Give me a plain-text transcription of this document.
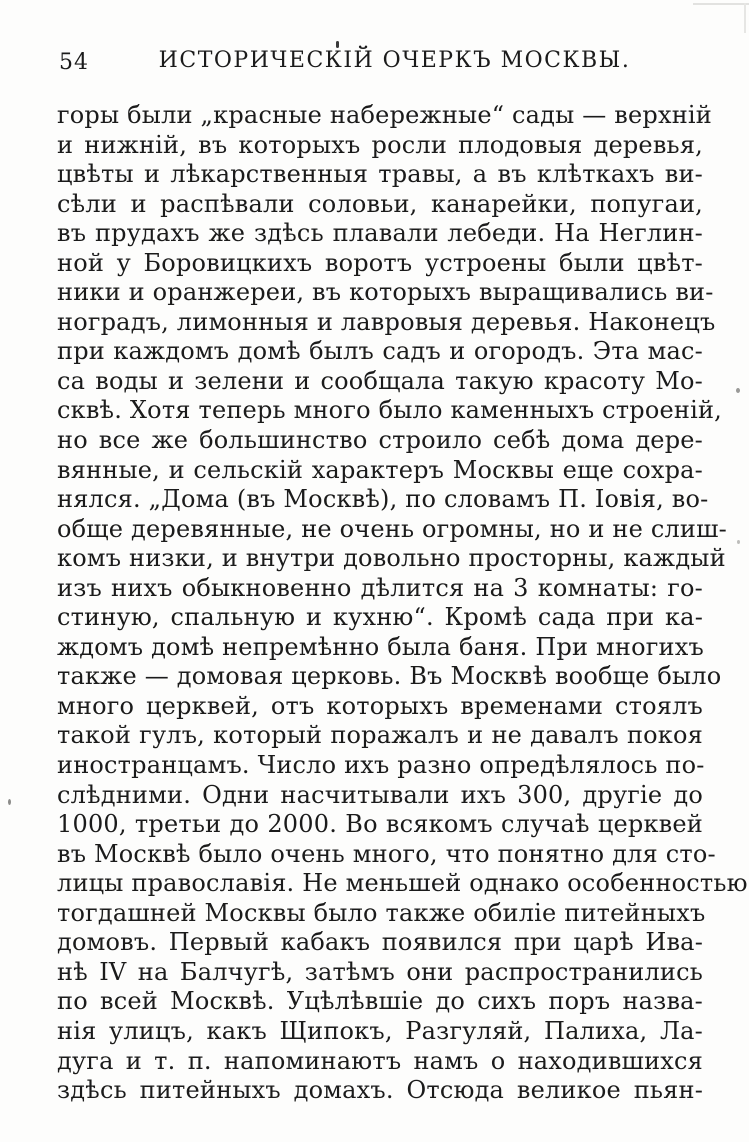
54	ИСТОРИЧЕСКІЙ ОЧЕРКЪ МОСКВЫ.
горы были „красные набережные“ сады — верхній
и нижній, въ которыхъ росли плодовыя деревья,
цвѣты и лѣкарственныя травы, а въ клѣткахъ ви-
сѣли и распѣвали соловьи, канарейки, попугаи,
въ прудахъ же здѣсь плавали лебеди. На Неглин-
ной у Боровицкихъ воротъ устроены были цвѣт-
ники и оранжереи, въ которыхъ выращивались ви-
ноградъ, лимонныя и лавровыя деревья. Наконецъ
при каждомъ домѣ былъ садъ и огородъ. Эта мас-
са воды и зелени и сообщала такую красоту Мо-
сквѣ. Хотя теперь много было каменныхъ строеній,
но все же большинство строило себѣ дома дере-
вянные, и сельскій характеръ Москвы еще сохра-
нялся. „Дома (въ Москвѣ), по словамъ П. Іовія, во-
обще деревянные, не очень огромны, но и не слиш-
комъ низки, и внутри довольно просторны, каждый
изъ нихъ обыкновенно дѣлится на 3 комнаты: го-
стиную, спальную и кухню“. Кромѣ сада при ка-
ждомъ домѣ непремѣнно была баня. При многихъ
также — домовая церковь. Въ Москвѣ вообще было
много церквей, отъ которыхъ временами стоялъ
такой гулъ, который поражалъ и не давалъ покоя
иностранцамъ. Число ихъ разно опредѣлялось по-
слѣдними. Одни насчитывали ихъ 300, другіе до
1000, третьи до 2000. Во всякомъ случаѣ церквей
въ Москвѣ было очень много, что понятно для сто-
лицы православія. Не меньшей однако особенностью
тогдашней Москвы было также обиліе питейныхъ
домовъ. Первый кабакъ появился при царѣ Ива-
нѣ IV на Балчугѣ, затѣмъ они распространились
по всей Москвѣ. Уцѣлѣвшіе до сихъ поръ назва-
нія улицъ, какъ Щипокъ, Разгуляй, Палиха, Ла-
дуга и т. п. напоминаютъ намъ о находившихся
здѣсь питейныхъ домахъ. Отсюда великое пьян-
